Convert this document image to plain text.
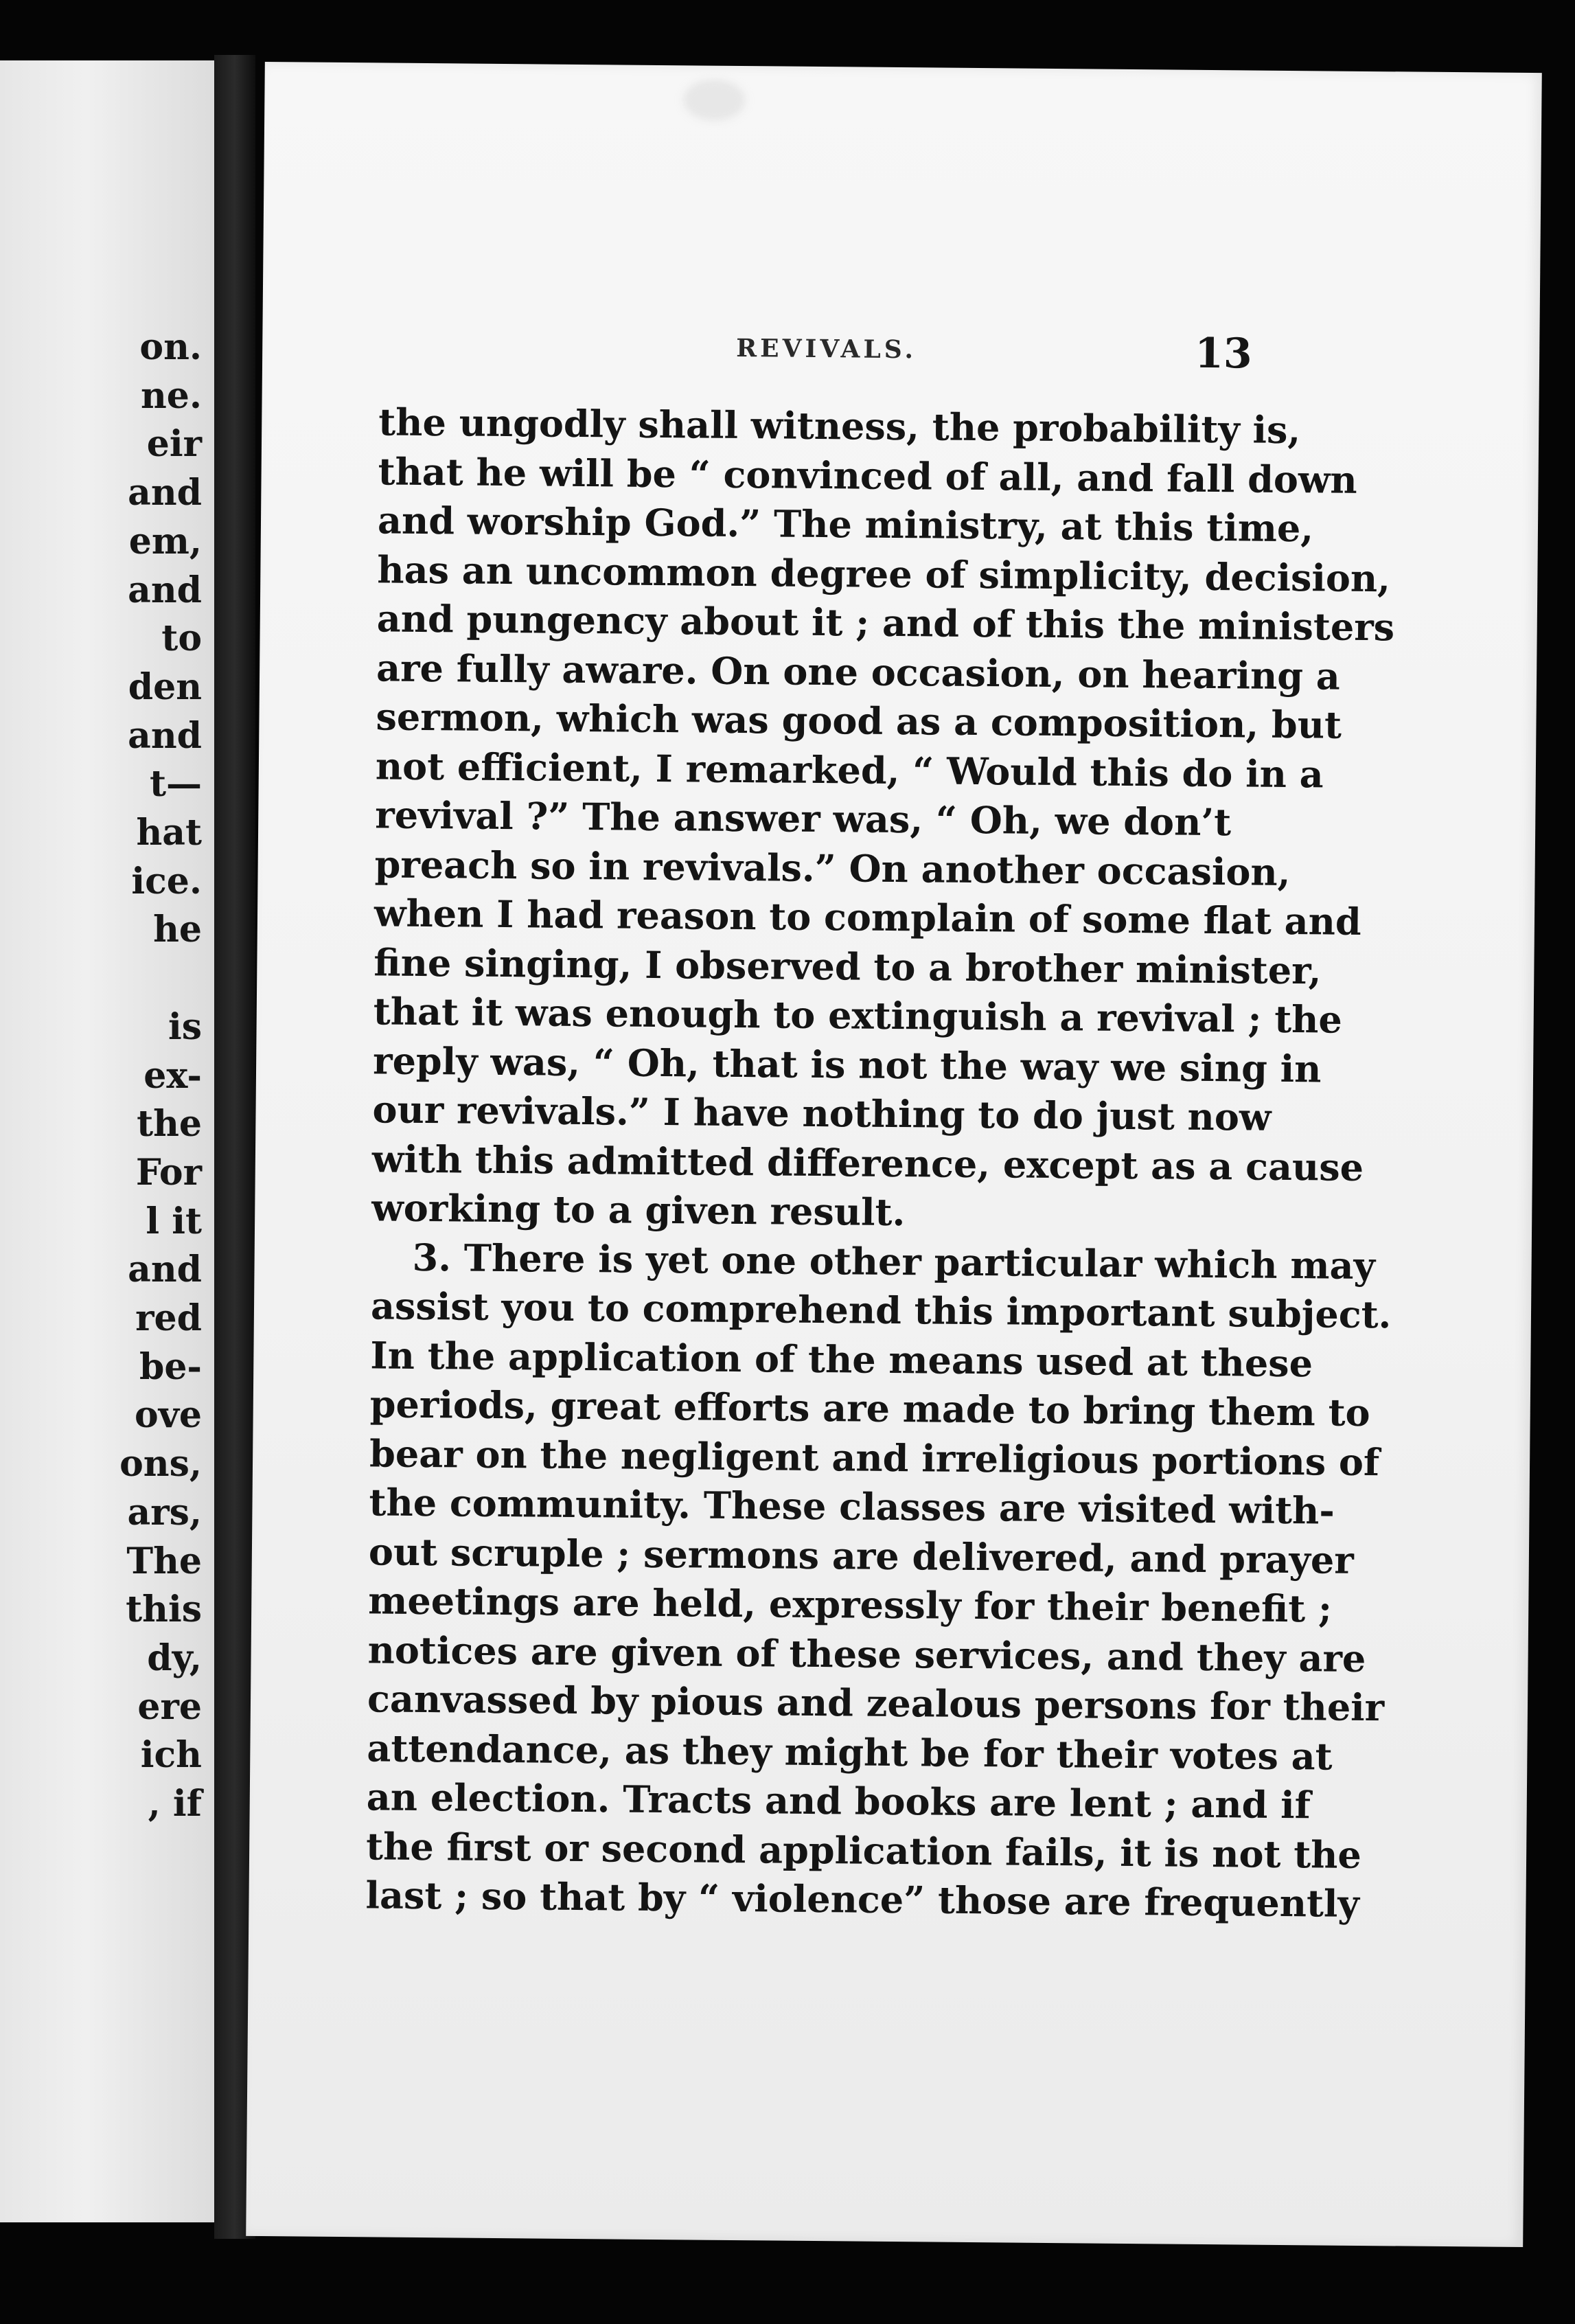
on.
ne.
eir
and
em,
and
to
den
and
t—
hat
ice.
he
is
ex-
the
For
l it
and
red
be-
ove
ons,
ars,
The
this
dy,
ere
ich
, if
REVIVALS.	13
the ungodly shall witness, the probability is,
that he will be “ convinced of all, and fall down
and worship God.” The ministry, at this time,
has an uncommon degree of simplicity, decision,
and pungency about it ; and of this the ministers
are fully aware. On one occasion, on hearing a
sermon, which was good as a composition, but
not efficient, I remarked, “ Would this do in a
revival ?” The answer was, “ Oh, we don’t
preach so in revivals.” On another occasion,
when I had reason to complain of some flat and
fine singing, I observed to a brother minister,
that it was enough to extinguish a revival ; the
reply was, “ Oh, that is not the way we sing in
our revivals.” I have nothing to do just now
with this admitted difference, except as a cause
working to a given result.
3. There is yet one other particular which may
assist you to comprehend this important subject.
In the application of the means used at these
periods, great efforts are made to bring them to
bear on the negligent and irreligious portions of
the community. These classes are visited with-
out scruple ; sermons are delivered, and prayer
meetings are held, expressly for their benefit ;
notices are given of these services, and they are
canvassed by pious and zealous persons for their
attendance, as they might be for their votes at
an election. Tracts and books are lent ; and if
the first or second application fails, it is not the
last ; so that by “ violence” those are frequently
